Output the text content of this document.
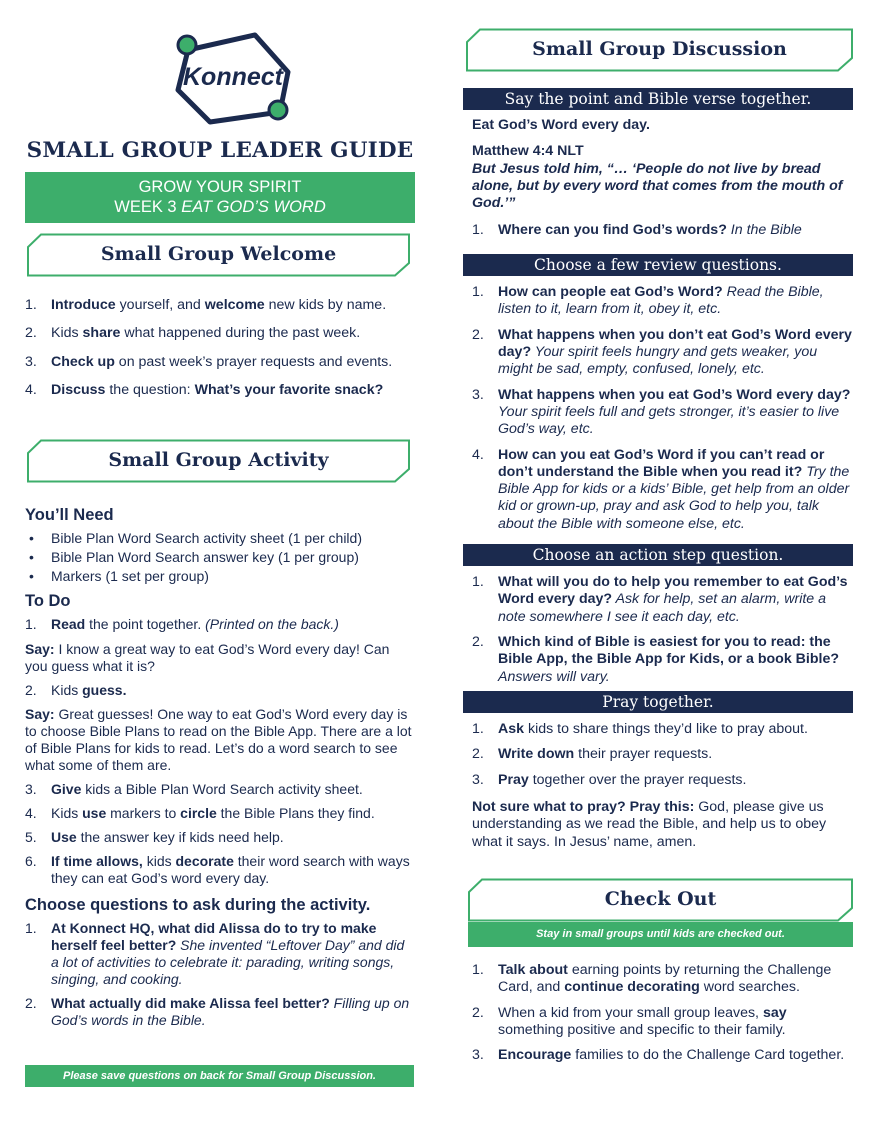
Konnect
SMALL GROUP LEADER GUIDE
GROW YOUR SPIRIT
WEEK 3 EAT GOD’S WORD
Small Group Welcome
1. Introduce yourself, and welcome new kids by name.
2. Kids share what happened during the past week.
3. Check up on past week’s prayer requests and events.
4. Discuss the question: What’s your favorite snack?
Small Group Activity
You’ll Need
• Bible Plan Word Search activity sheet (1 per child)
• Bible Plan Word Search answer key (1 per group)
• Markers (1 set per group)
To Do
1. Read the point together. (Printed on the back.)
Say: I know a great way to eat God’s Word every day! Can you guess what it is?
2. Kids guess.
Say: Great guesses! One way to eat God’s Word every day is to choose Bible Plans to read on the Bible App. There are a lot of Bible Plans for kids to read. Let’s do a word search to see what some of them are.
3. Give kids a Bible Plan Word Search activity sheet.
4. Kids use markers to circle the Bible Plans they find.
5. Use the answer key if kids need help.
6. If time allows, kids decorate their word search with ways they can eat God’s word every day.
Choose questions to ask during the activity.
1. At Konnect HQ, what did Alissa do to try to make herself feel better? She invented “Leftover Day” and did a lot of activities to celebrate it: parading, writing songs, singing, and cooking.
2. What actually did make Alissa feel better? Filling up on God’s words in the Bible.
Please save questions on back for Small Group Discussion.
Small Group Discussion
Say the point and Bible verse together.
Eat God’s Word every day.
Matthew 4:4 NLT
But Jesus told him, “… ‘People do not live by bread alone, but by every word that comes from the mouth of God.’”
1. Where can you find God’s words? In the Bible
Choose a few review questions.
1. How can people eat God’s Word? Read the Bible, listen to it, learn from it, obey it, etc.
2. What happens when you don’t eat God’s Word every day? Your spirit feels hungry and gets weaker, you might be sad, empty, confused, lonely, etc.
3. What happens when you eat God’s Word every day? Your spirit feels full and gets stronger, it’s easier to live God’s way, etc.
4. How can you eat God’s Word if you can’t read or don’t understand the Bible when you read it? Try the Bible App for kids or a kids’ Bible, get help from an older kid or grown-up, pray and ask God to help you, talk about the Bible with someone else, etc.
Choose an action step question.
1. What will you do to help you remember to eat God’s Word every day? Ask for help, set an alarm, write a note somewhere I see it each day, etc.
2. Which kind of Bible is easiest for you to read: the Bible App, the Bible App for Kids, or a book Bible? Answers will vary.
Pray together.
1. Ask kids to share things they’d like to pray about.
2. Write down their prayer requests.
3. Pray together over the prayer requests.
Not sure what to pray? Pray this: God, please give us understanding as we read the Bible, and help us to obey what it says. In Jesus’ name, amen.
Check Out
Stay in small groups until kids are checked out.
1. Talk about earning points by returning the Challenge Card, and continue decorating word searches.
2. When a kid from your small group leaves, say something positive and specific to their family.
3. Encourage families to do the Challenge Card together.
